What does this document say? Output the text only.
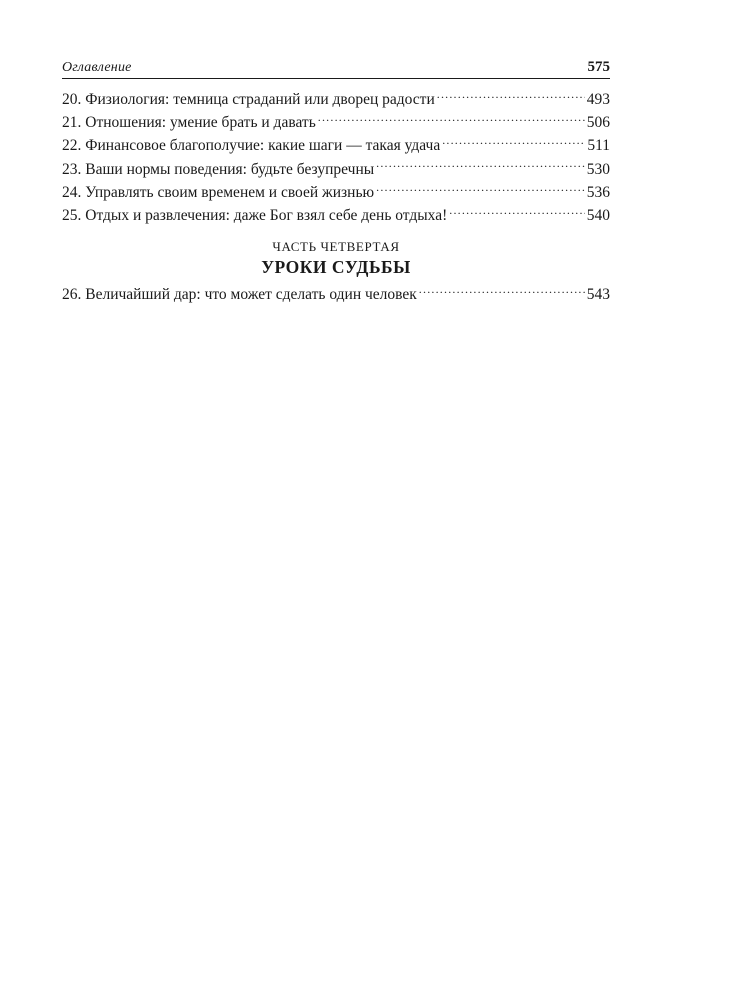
Оглавление	575
20. Физиология: темница страданий или дворец радости .....	493
21. Отношения: умение брать и давать .....	506
22. Финансовое благополучие: какие шаги — такая удача .....	511
23. Ваши нормы поведения: будьте безупречны .....	530
24. Управлять своим временем и своей жизнью .....	536
25. Отдых и развлечения: даже Бог взял себе день отдыха! .....	540
ЧАСТЬ ЧЕТВЕРТАЯ
УРОКИ СУДЬБЫ
26. Величайший дар: что может сделать один человек .....	543
